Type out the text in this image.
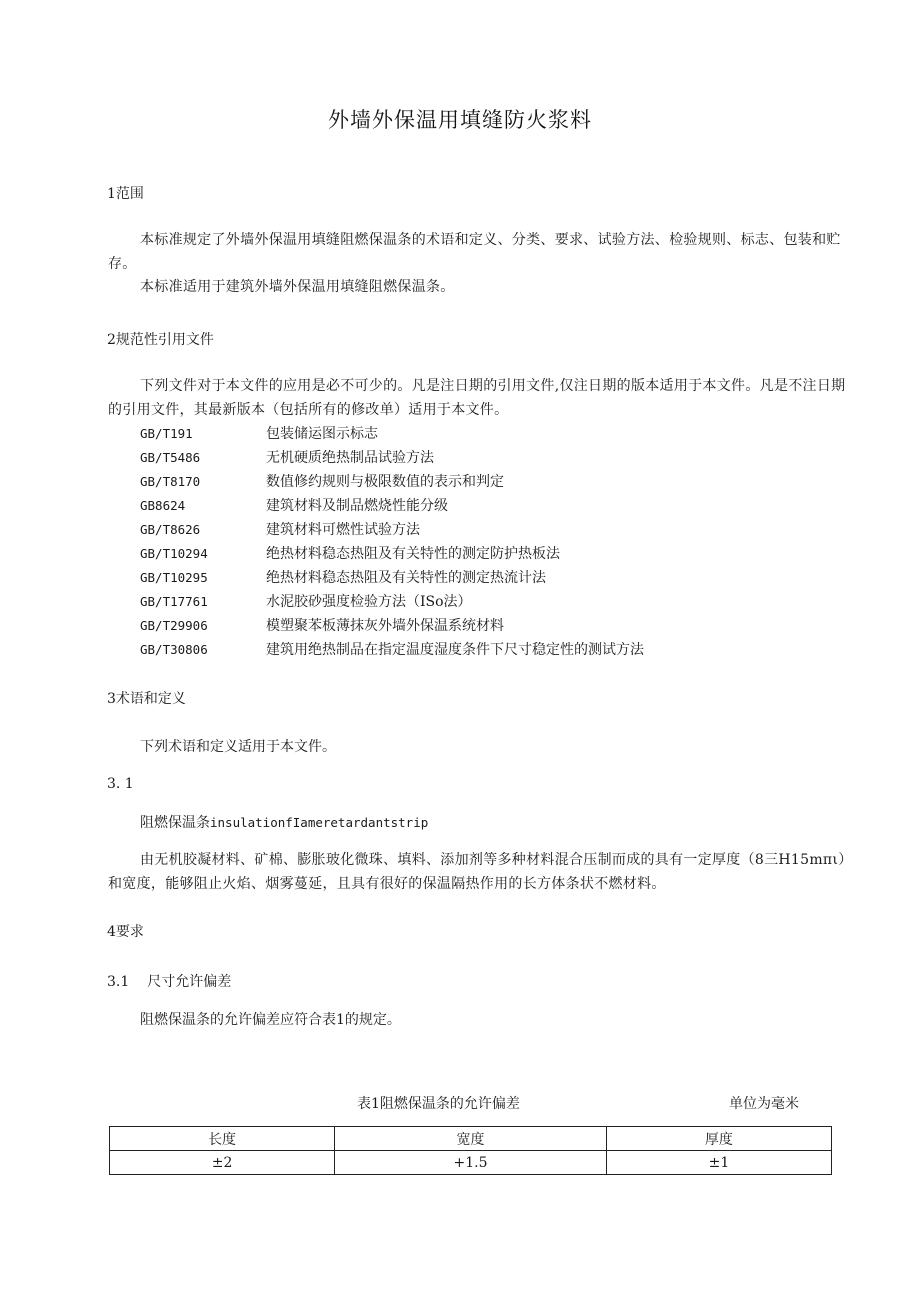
外墙外保温用填缝防火浆料
1范围
本标准规定了外墙外保温用填缝阻燃保温条的术语和定义、分类、要求、试验方法、检验规则、标志、包装和贮存。
本标准适用于建筑外墙外保温用填缝阻燃保温条。
2规范性引用文件
下列文件对于本文件的应用是必不可少的。凡是注日期的引用文件,仅注日期的版本适用于本文件。凡是不注日期的引用文件，其最新版本（包括所有的修改单）适用于本文件。
GB/T191	包装储运图示标志
GB/T5486	无机硬质绝热制品试验方法
GB/T8170	数值修约规则与极限数值的表示和判定
GB8624	建筑材料及制品燃烧性能分级
GB/T8626	建筑材料可燃性试验方法
GB/T10294	绝热材料稳态热阻及有关特性的测定防护热板法
GB/T10295	绝热材料稳态热阻及有关特性的测定热流计法
GB/T17761	水泥胶砂强度检验方法（ISo法）
GB/T29906	模塑聚苯板薄抹灰外墙外保温系统材料
GB/T30806	建筑用绝热制品在指定温度湿度条件下尺寸稳定性的测试方法
3术语和定义
下列术语和定义适用于本文件。
3. 1
阻燃保温条insulationfIameretardantstrip
由无机胶凝材料、矿棉、膨胀玻化微珠、填料、添加剂等多种材料混合压制而成的具有一定厚度（8三H15mπι）和宽度，能够阻止火焰、烟雾蔓延，且具有很好的保温隔热作用的长方体条状不燃材料。
4要求
3.1 尺寸允许偏差
阻燃保温条的允许偏差应符合表1的规定。
表1阻燃保温条的允许偏差	单位为毫米
长度	宽度	厚度
±2	+1.5	±1
